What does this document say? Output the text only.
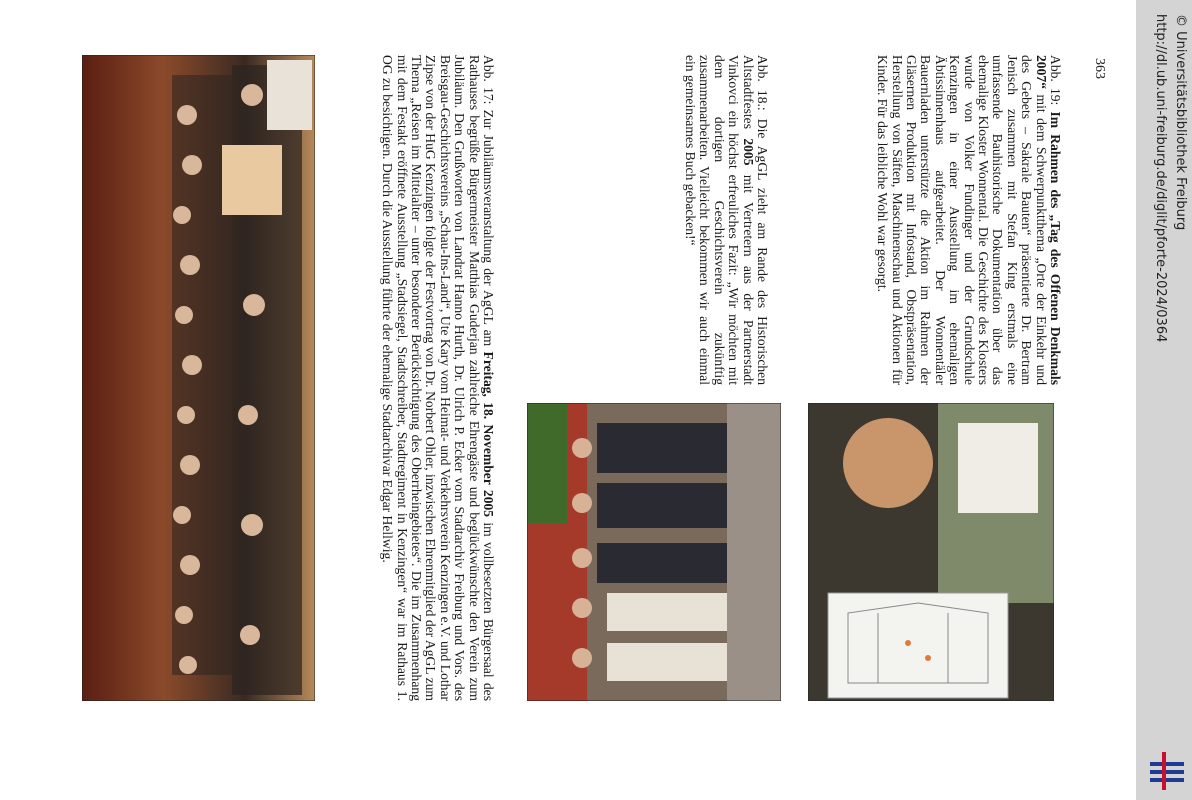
Abb. 17: Zur Jubiläumsveranstaltung der AgGL am Freitag, 18. November 2005 im vollbesetzten Bürgersaal des Rathauses begrüßte Bürgermeister Matthias Guderjan zahlreiche Ehrengäste und beglückwünschte den Verein zum Jubiläum. Den Grußworten von Landrat Hanno Hurth, Dr. Ulrich P. Ecker vom Stadtarchiv Freiburg und Vors. des Breisgau-Geschichtsvereins „Schau-Ins-Land“, Ute Kary vom Heimat- und Verkehrsverein Kenzingen e.V. und Lothar Zipse von der HuG Kenzingen folgte der Festvortrag von Dr. Norbert Ohler, inzwischen Ehrenmitglied der AgGL zum Thema „Reisen im Mittelalter – unter besonderer Berücksichtigung des Oberrheingebietes“. Die im Zusammenhang mit dem Festakt eröffnete Ausstellung „Stadtsiegel, Stadtschreiber, Stadtregiment in Kenzingen“ war im Rathaus 1. OG zu besichtigen. Durch die Ausstellung führte der ehemalige Stadtarchivar Edgar Hellwig.	Abb. 18.: Die AgGL zieht am Rande des Historischen Altstadtfestes 2005 mit Vertretern aus der Partnerstadt Vinkovci ein höchst erfreuliches Fazit: „Wir möchten mit dem dortigen Geschichtsverein zukünftig zusammenarbeiten. Vielleicht bekommen wir auch einmal ein gemeinsames Buch gebacken!“	Abb. 19: Im Rahmen des „Tag des Offenen Denkmals 2007“ mit dem Schwerpunktthema „Orte der Einkehr und des Gebets – Sakrale Bauten“ präsentierte Dr. Bertram Jenisch zusammen mit Stefan King erstmals eine umfassende Bauhistorische Dokumentation über das ehemalige Kloster Wonnental. Die Geschichte des Klosters wurde von Volker Fundinger und der Grundschule Kenzingen in einer Ausstellung im ehemaligen Äbtissinnenhaus aufgearbeitet. Der Wonnentäler Bauernladen unterstützte die Aktion im Rahmen der Gläsernen Produktion mit Infostand, Obstpräsentation, Herstellung von Säften, Maschinenschau und Aktionen für Kinder. Für das leibliche Wohl war gesorgt.	363	http://dl.ub.uni-freiburg.de/diglit/pforte-2024/0364 © Universitätsbibliothek Freiburg
